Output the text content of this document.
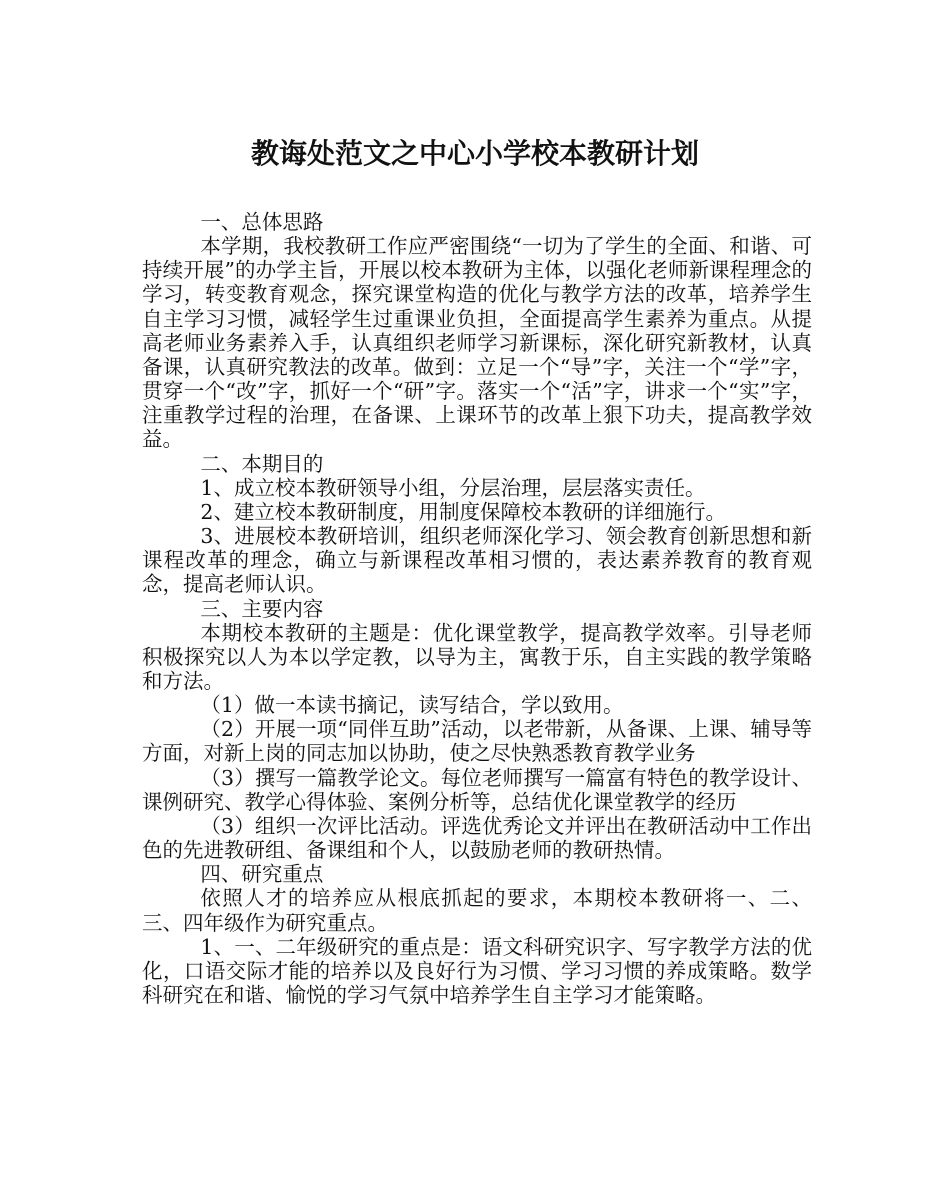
教诲处范文之中心小学校本教研计划

一、总体思路

本学期，我校教研工作应严密围绕“一切为了学生的全面、和谐、可持续开展”的办学主旨，开展以校本教研为主体，以强化老师新课程理念的学习，转变教育观念，探究课堂构造的优化与教学方法的改革，培养学生自主学习习惯，减轻学生过重课业负担，全面提高学生素养为重点。从提高老师业务素养入手，认真组织老师学习新课标，深化研究新教材，认真备课，认真研究教法的改革。做到：立足一个“导”字，关注一个“学”字，贯穿一个“改”字，抓好一个“研”字。落实一个“活”字，讲求一个“实”字，注重教学过程的治理，在备课、上课环节的改革上狠下功夫，提高教学效益。

二、本期目的

1、成立校本教研领导小组，分层治理，层层落实责任。

2、建立校本教研制度，用制度保障校本教研的详细施行。

3、进展校本教研培训，组织老师深化学习、领会教育创新思想和新课程改革的理念，确立与新课程改革相习惯的，表达素养教育的教育观念，提高老师认识。

三、主要内容

本期校本教研的主题是：优化课堂教学，提高教学效率。引导老师积极探究以人为本以学定教，以导为主，寓教于乐，自主实践的教学策略和方法。

（1）做一本读书摘记，读写结合，学以致用。

（2）开展一项“同伴互助”活动，以老带新，从备课、上课、辅导等方面，对新上岗的同志加以协助，使之尽快熟悉教育教学业务

（3）撰写一篇教学论文。每位老师撰写一篇富有特色的教学设计、课例研究、教学心得体验、案例分析等，总结优化课堂教学的经历

（3）组织一次评比活动。评选优秀论文并评出在教研活动中工作出色的先进教研组、备课组和个人，以鼓励老师的教研热情。

四、研究重点

依照人才的培养应从根底抓起的要求，本期校本教研将一、二、三、四年级作为研究重点。

1、一、二年级研究的重点是：语文科研究识字、写字教学方法的优化，口语交际才能的培养以及良好行为习惯、学习习惯的养成策略。数学科研究在和谐、愉悦的学习气氛中培养学生自主学习才能策略。
